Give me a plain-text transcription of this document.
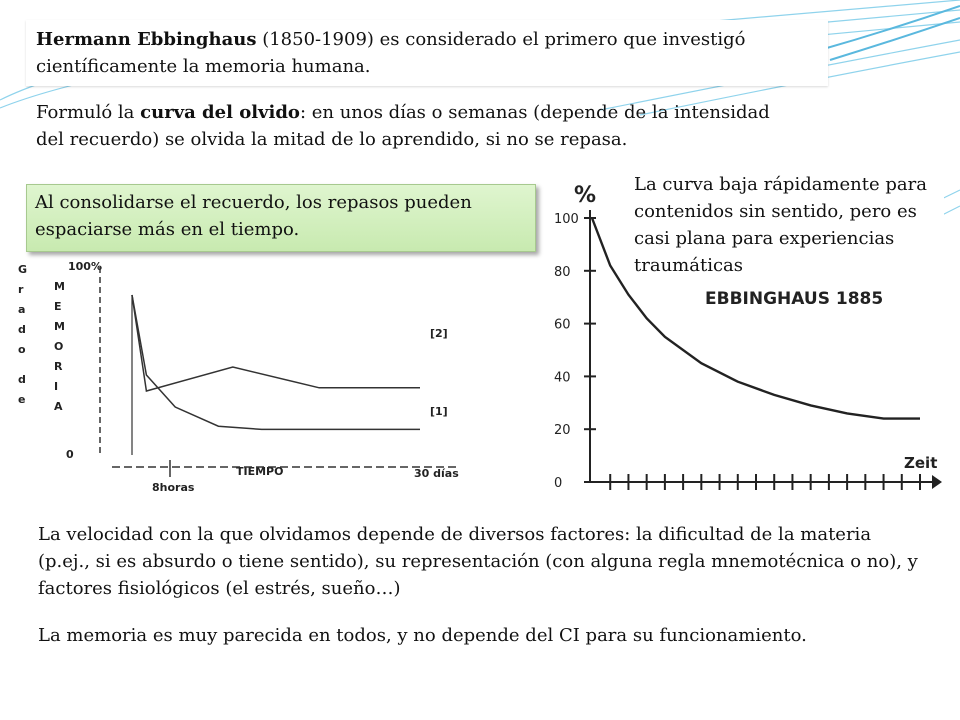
Hermann Ebbinghaus (1850-1909) es considerado el primero que investigó científicamente la memoria humana.
Formuló la curva del olvido: en unos días o semanas (depende de la intensidad del recuerdo) se olvida la mitad de lo aprendido, si no se repasa.
G
r
a
d
o
d
e
M
E
M
O
R
I
A
100%
0
TIEMPO
8horas
30 días
[2]
[1]
%
EBBINGHAUS 1885
Zeit
0
20
40
60
80
100
La curva baja rápidamente para contenidos sin sentido, pero es casi plana para experiencias traumáticas
Al consolidarse el recuerdo, los repasos pueden espaciarse más en el tiempo.
La velocidad con la que olvidamos depende de diversos factores: la dificultad de la materia (p.ej., si es absurdo o tiene sentido), su representación (con alguna regla mnemotécnica o no), y factores fisiológicos (el estrés, sueño…)
La memoria es muy parecida en todos, y no depende del CI para su funcionamiento.
